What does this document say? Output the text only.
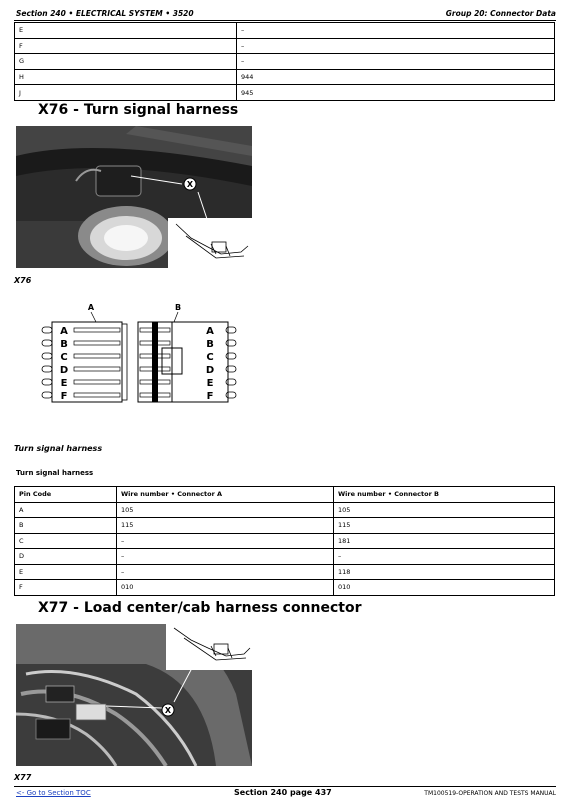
Section 240 • ELECTRICAL SYSTEM • 3520	Group 20: Connector Data
E	–
F	–
G	–
H	944
J	945
X76 - Turn signal harness
X
X76
A	B
A
B
C
D
E
F
A
B
C
D
E
F
Turn signal harness
Turn signal harness
Pin Code	Wire number • Connector A	Wire number • Connector B
A	105	105
B	115	115
C	–	181
D	–	–
E	–	118
F	010	010
X77 - Load center/cab harness connector
X
X77
<- Go to Section TOC	Section 240 page 437	TM100519-OPERATION AND TESTS MANUAL
